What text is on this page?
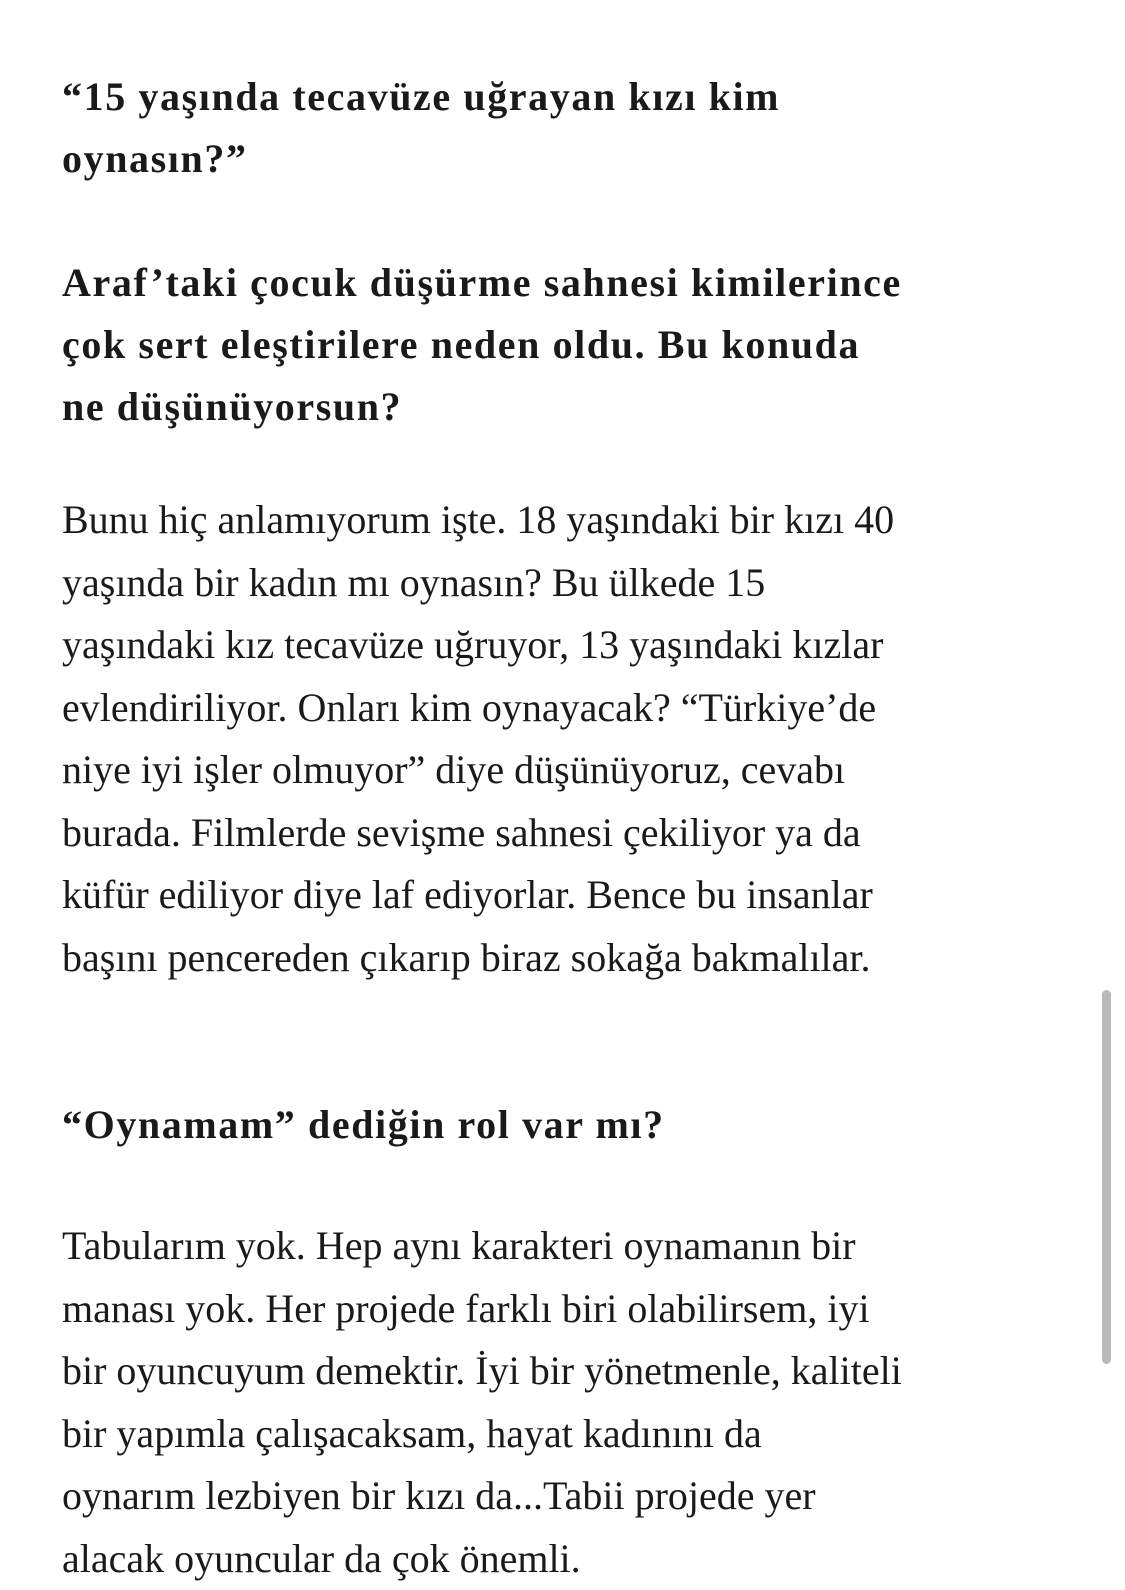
“15 yaşında tecavüze uğrayan kızı kim
oynasın?”
Araf’taki çocuk düşürme sahnesi kimilerince
çok sert eleştirilere neden oldu. Bu konuda
ne düşünüyorsun?

Bunu hiç anlamıyorum işte. 18 yaşındaki bir kızı 40
yaşında bir kadın mı oynasın? Bu ülkede 15
yaşındaki kız tecavüze uğruyor, 13 yaşındaki kızlar
evlendiriliyor. Onları kim oynayacak? “Türkiye’de
niye iyi işler olmuyor” diye düşünüyoruz, cevabı
burada. Filmlerde sevişme sahnesi çekiliyor ya da
küfür ediliyor diye laf ediyorlar. Bence bu insanlar
başını pencereden çıkarıp biraz sokağa bakmalılar.

“Oynamam” dediğin rol var mı?

Tabularım yok. Hep aynı karakteri oynamanın bir
manası yok. Her projede farklı biri olabilirsem, iyi
bir oyuncuyum demektir. İyi bir yönetmenle, kaliteli
bir yapımla çalışacaksam, hayat kadınını da
oynarım lezbiyen bir kızı da...Tabii projede yer
alacak oyuncular da çok önemli.
